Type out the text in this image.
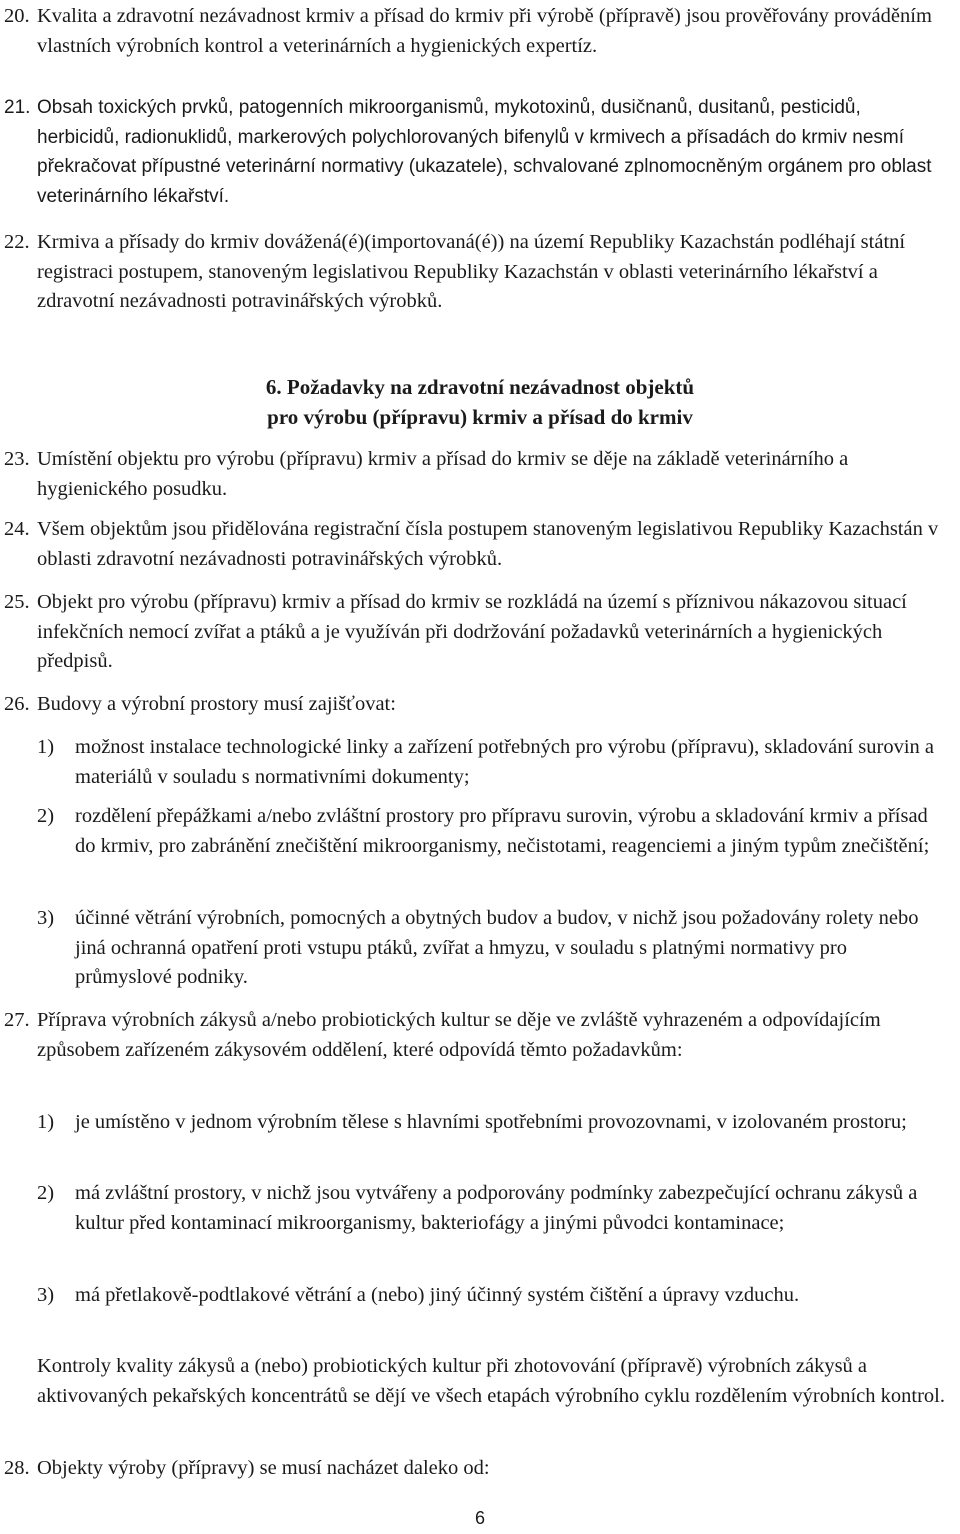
20. Kvalita a zdravotní nezávadnost krmiv a přísad do krmiv při výrobě (přípravě) jsou prověřovány prováděním vlastních výrobních kontrol a veterinárních a hygienických expertíz.
21. Obsah toxických prvků, patogenních mikroorganismů, mykotoxinů, dusičnanů, dusitanů, pesticidů, herbicidů, radionuklidů, markerových polychlorovaných bifenylů v krmivech a přísadách do krmiv nesmí překračovat přípustné veterinární normativy (ukazatele), schvalované zplnomocněným orgánem pro oblast veterinárního lékařství.
22. Krmiva a přísady do krmiv dovážená(é)(importovaná(é)) na území Republiky Kazachstán podléhají státní registraci postupem, stanoveným legislativou Republiky Kazachstán v oblasti veterinárního lékařství a zdravotní nezávadnosti potravinářských výrobků.
6. Požadavky na zdravotní nezávadnost objektů
pro výrobu (přípravu) krmiv a přísad do krmiv
23. Umístění objektu pro výrobu (přípravu) krmiv a přísad do krmiv se děje na základě veterinárního a hygienického posudku.
24. Všem objektům jsou přidělována registrační čísla postupem stanoveným legislativou Republiky Kazachstán v oblasti zdravotní nezávadnosti potravinářských výrobků.
25. Objekt pro výrobu (přípravu) krmiv a přísad do krmiv se rozkládá na území s příznivou nákazovou situací infekčních nemocí zvířat a ptáků a je využíván při dodržování požadavků veterinárních a hygienických předpisů.
26. Budovy a výrobní prostory musí zajišťovat:
1)	možnost instalace technologické linky a zařízení potřebných pro výrobu (přípravu), skladování surovin a materiálů v souladu s normativními dokumenty;
2)	rozdělení přepážkami a/nebo zvláštní prostory pro přípravu surovin, výrobu a skladování krmiv a přísad do krmiv, pro zabránění znečištění mikroorganismy, nečistotami, reagenciemi a jiným typům znečištění;
3)	účinné větrání výrobních, pomocných a obytných budov a budov, v nichž jsou požadovány rolety nebo jiná ochranná opatření proti vstupu ptáků, zvířat a hmyzu, v souladu s platnými normativy pro průmyslové podniky.
27. Příprava výrobních zákysů a/nebo probiotických kultur se děje ve zvláště vyhrazeném a odpovídajícím způsobem zařízeném zákysovém oddělení, které odpovídá těmto požadavkům:
1)	je umístěno v jednom výrobním tělese s hlavními spotřebními provozovnami, v izolovaném prostoru;
2)	má zvláštní prostory, v nichž jsou vytvářeny a podporovány podmínky zabezpečující ochranu zákysů a kultur před kontaminací mikroorganismy, bakteriofágy a jinými původci kontaminace;
3)	má přetlakově-podtlakové větrání a (nebo) jiný účinný systém čištění a úpravy vzduchu.
Kontroly kvality zákysů a (nebo) probiotických kultur při zhotovování (přípravě) výrobních zákysů a aktivovaných pekařských koncentrátů se dějí ve všech etapách výrobního cyklu rozdělením výrobních kontrol.
28. Objekty výroby (přípravy) se musí nacházet daleko od:
6
